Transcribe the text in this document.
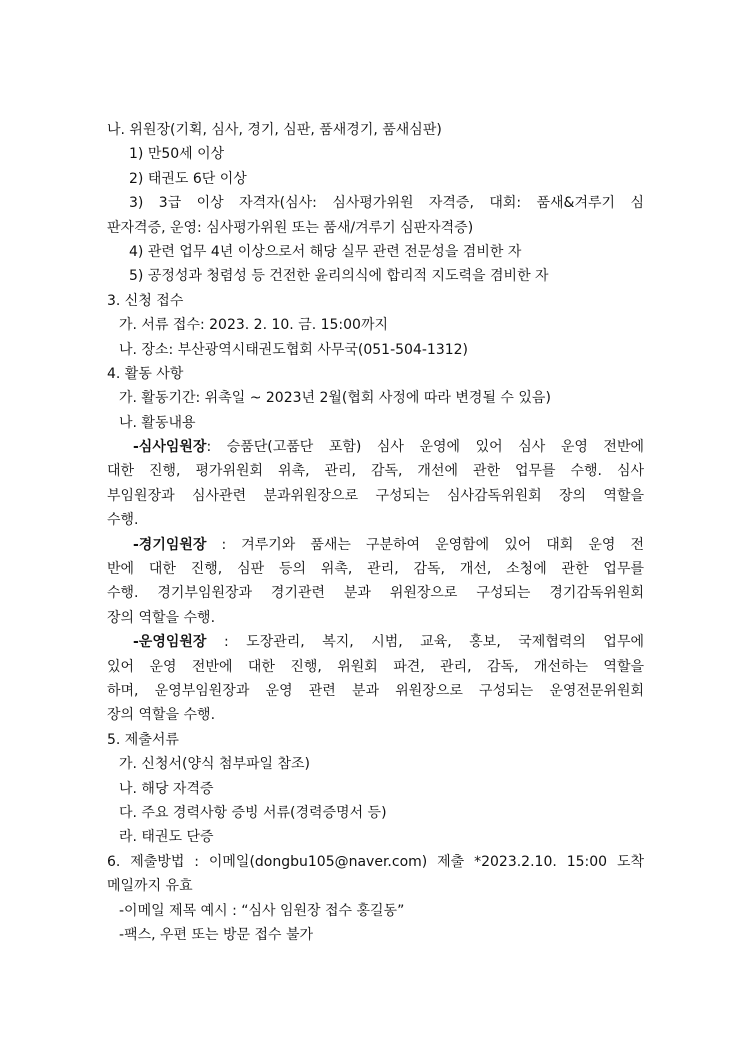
나. 위원장(기획, 심사, 경기, 심판, 품새경기, 품새심판)
1) 만50세 이상
2) 태권도 6단 이상
3) 3급 이상 자격자(심사: 심사평가위원 자격증, 대회: 품새&겨루기 심
판자격증, 운영: 심사평가위원 또는 품새/겨루기 심판자격증)
4) 관련 업무 4년 이상으로서 해당 실무 관련 전문성을 겸비한 자
5) 공정성과 청렴성 등 건전한 윤리의식에 합리적 지도력을 겸비한 자
3. 신청 접수
가. 서류 접수: 2023. 2. 10. 금. 15:00까지
나. 장소: 부산광역시태권도협회 사무국(051-504-1312)
4. 활동 사항
가. 활동기간: 위촉일 ~ 2023년 2월(협회 사정에 따라 변경될 수 있음)
나. 활동내용
-심사임원장: 승품단(고품단 포함) 심사 운영에 있어 심사 운영 전반에
대한 진행, 평가위원회 위촉, 관리, 감독, 개선에 관한 업무를 수행. 심사
부임원장과 심사관련 분과위원장으로 구성되는 심사감독위원회 장의 역할을
수행.
-경기임원장 : 겨루기와 품새는 구분하여 운영함에 있어 대회 운영 전
반에 대한 진행, 심판 등의 위촉, 관리, 감독, 개선, 소청에 관한 업무를
수행. 경기부임원장과 경기관련 분과 위원장으로 구성되는 경기감독위원회
장의 역할을 수행.
-운영임원장 : 도장관리, 복지, 시범, 교육, 홍보, 국제협력의 업무에
있어 운영 전반에 대한 진행, 위원회 파견, 관리, 감독, 개선하는 역할을
하며, 운영부임원장과 운영 관련 분과 위원장으로 구성되는 운영전문위원회
장의 역할을 수행.
5. 제출서류
가. 신청서(양식 첨부파일 참조)
나. 해당 자격증
다. 주요 경력사항 증빙 서류(경력증명서 등)
라. 태권도 단증
6. 제출방법 : 이메일(dongbu105@naver.com) 제출 *2023.2.10. 15:00 도착
메일까지 유효
-이메일 제목 예시 : “심사 임원장 접수 홍길동”
-팩스, 우편 또는 방문 접수 불가
